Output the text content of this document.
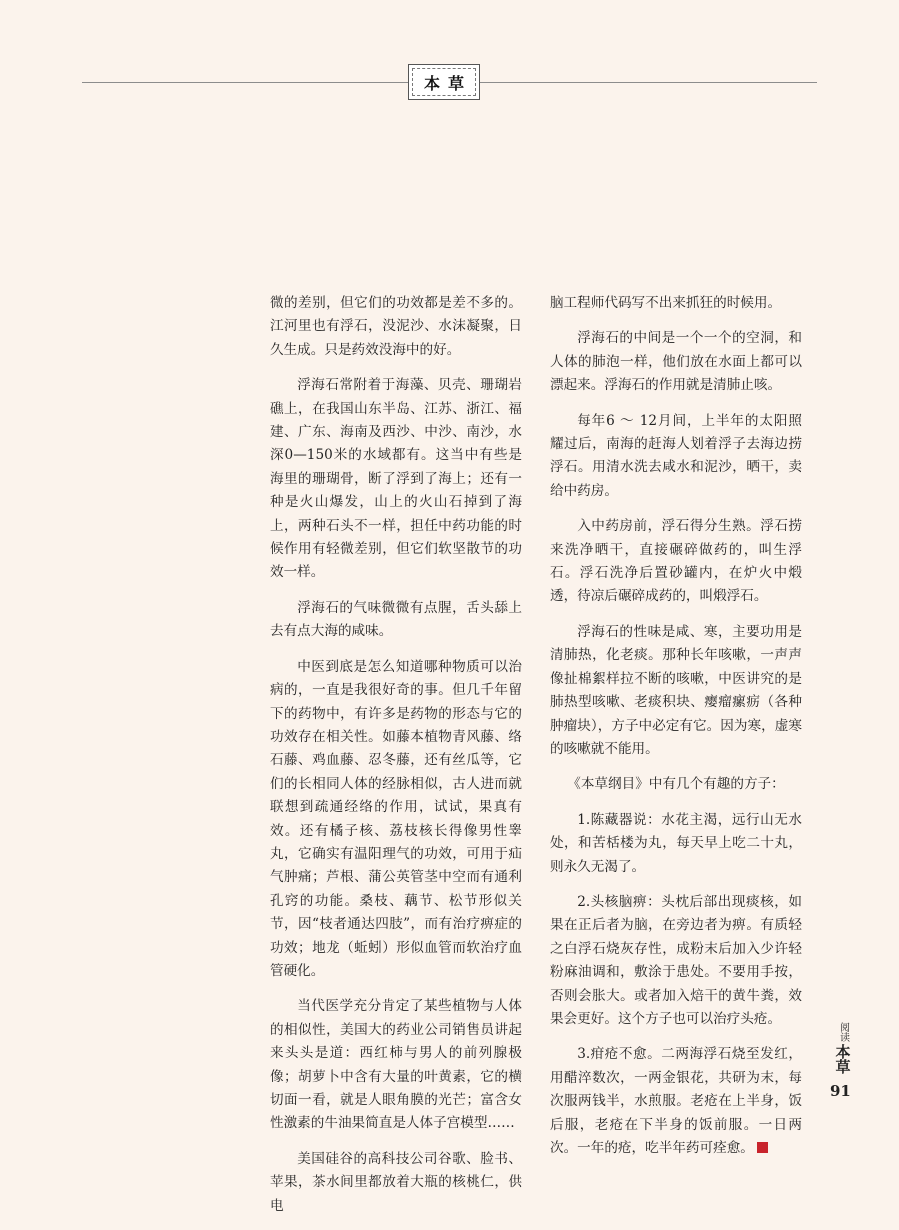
本草

微的差别，但它们的功效都是差不多的。江河里也有浮石，没泥沙、水沫凝聚，日久生成。只是药效没海中的好。

浮海石常附着于海藻、贝壳、珊瑚岩礁上，在我国山东半岛、江苏、浙江、福建、广东、海南及西沙、中沙、南沙，水深0—150米的水域都有。这当中有些是海里的珊瑚骨，断了浮到了海上；还有一种是火山爆发，山上的火山石掉到了海上，两种石头不一样，担任中药功能的时候作用有轻微差别，但它们软坚散节的功效一样。

浮海石的气味微微有点腥，舌头舔上去有点大海的咸味。

中医到底是怎么知道哪种物质可以治病的，一直是我很好奇的事。但几千年留下的药物中，有许多是药物的形态与它的功效存在相关性。如藤本植物青风藤、络石藤、鸡血藤、忍冬藤，还有丝瓜等，它们的长相同人体的经脉相似，古人进而就联想到疏通经络的作用，试试，果真有效。还有橘子核、荔枝核长得像男性睾丸，它确实有温阳理气的功效，可用于疝气肿痛；芦根、蒲公英管茎中空而有通利孔窍的功能。桑枝、藕节、松节形似关节，因“枝者通达四肢”，而有治疗痹症的功效；地龙（蚯蚓）形似血管而软治疗血管硬化。

当代医学充分肯定了某些植物与人体的相似性，美国大的药业公司销售员讲起来头头是道：西红柿与男人的前列腺极像；胡萝卜中含有大量的叶黄素，它的横切面一看，就是人眼角膜的光芒；富含女性激素的牛油果简直是人体子宫模型……

美国硅谷的高科技公司谷歌、脸书、苹果，茶水间里都放着大瓶的核桃仁，供电

脑工程师代码写不出来抓狂的时候用。

浮海石的中间是一个一个的空洞，和人体的肺泡一样，他们放在水面上都可以漂起来。浮海石的作用就是清肺止咳。

每年6 ～ 12月间，上半年的太阳照耀过后，南海的赶海人划着浮子去海边捞浮石。用清水洗去咸水和泥沙，晒干，卖给中药房。

入中药房前，浮石得分生熟。浮石捞来洗净晒干，直接碾碎做药的，叫生浮石。浮石洗净后置砂罐内，在炉火中煅透，待凉后碾碎成药的，叫煅浮石。

浮海石的性味是咸、寒，主要功用是清肺热，化老痰。那种长年咳嗽，一声声像扯棉絮样拉不断的咳嗽，中医讲究的是肺热型咳嗽、老痰积块、瘿瘤瘰疬（各种肿瘤块），方子中必定有它。因为寒，虚寒的咳嗽就不能用。

《本草纲目》中有几个有趣的方子：

1.陈藏器说：水花主渴，远行山无水处，和苦栝楼为丸，每天早上吃二十丸，则永久无渴了。

2.头核脑痹：头枕后部出现痰核，如果在正后者为脑，在旁边者为痹。有质轻之白浮石烧灰存性，成粉末后加入少许轻粉麻油调和，敷涂于患处。不要用手按，否则会胀大。或者加入焙干的黄牛粪，效果会更好。这个方子也可以治疗头疮。

3.疳疮不愈。二两海浮石烧至发红，用醋淬数次，一两金银花，共研为末，每次服两钱半，水煎服。老疮在上半身，饭后服，老疮在下半身的饭前服。一日两次。一年的疮，吃半年药可痊愈。

阅读
本草
91
